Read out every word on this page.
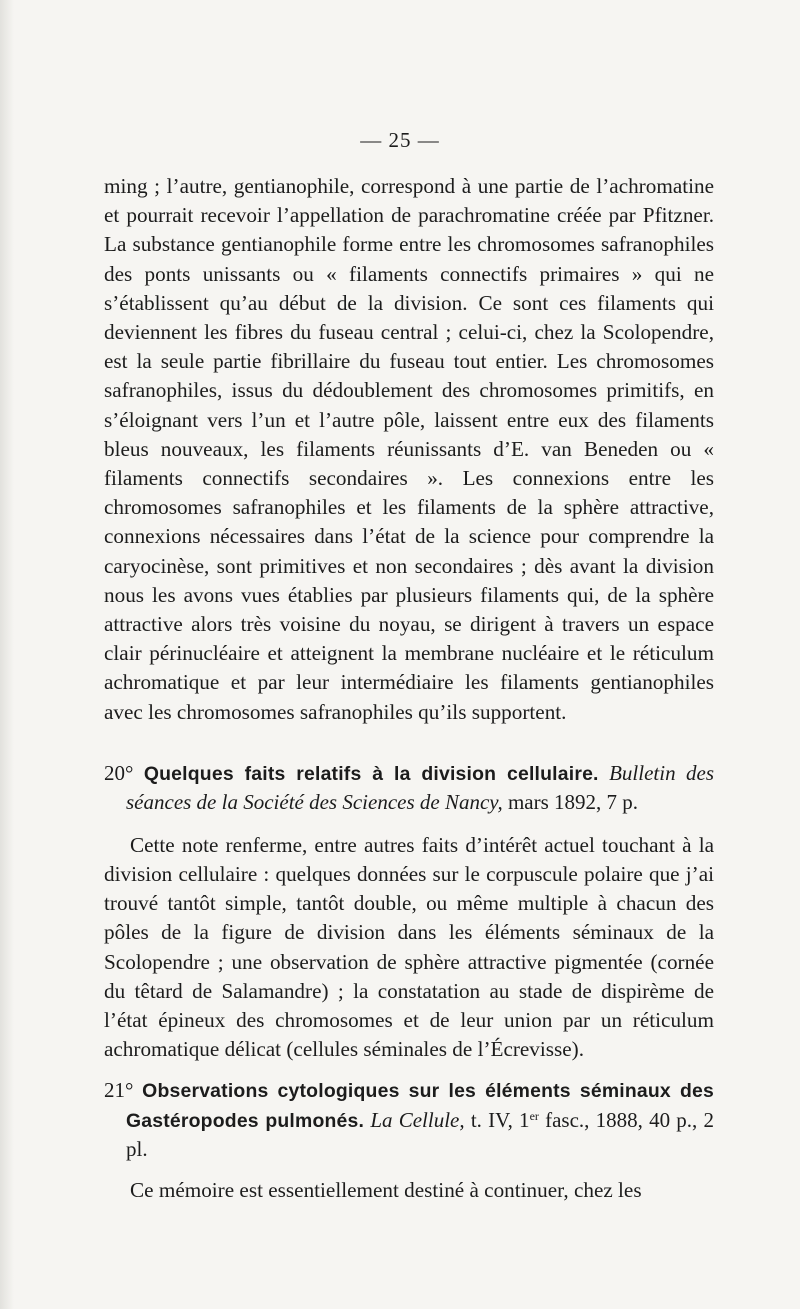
— 25 —

ming ; l’autre, gentianophile, correspond à une partie de l’achromatine et pourrait recevoir l’appellation de parachromatine créée par Pfitzner. La substance gentianophile forme entre les chromosomes safranophiles des ponts unissants ou « filaments connectifs primaires » qui ne s’établissent qu’au début de la division. Ce sont ces filaments qui deviennent les fibres du fuseau central ; celui-ci, chez la Scolopendre, est la seule partie fibrillaire du fuseau tout entier. Les chromosomes safranophiles, issus du dédoublement des chromosomes primitifs, en s’éloignant vers l’un et l’autre pôle, laissent entre eux des filaments bleus nouveaux, les filaments réunissants d’E. van Beneden ou « filaments connectifs secondaires ». Les connexions entre les chromosomes safranophiles et les filaments de la sphère attractive, connexions nécessaires dans l’état de la science pour comprendre la caryocinèse, sont primitives et non secondaires ; dès avant la division nous les avons vues établies par plusieurs filaments qui, de la sphère attractive alors très voisine du noyau, se dirigent à travers un espace clair périnucléaire et atteignent la membrane nucléaire et le réticulum achromatique et par leur intermédiaire les filaments gentianophiles avec les chromosomes safranophiles qu’ils supportent.

20° Quelques faits relatifs à la division cellulaire. Bulletin des séances de la Société des Sciences de Nancy, mars 1892, 7 p.

Cette note renferme, entre autres faits d’intérêt actuel touchant à la division cellulaire : quelques données sur le corpuscule polaire que j’ai trouvé tantôt simple, tantôt double, ou même multiple à chacun des pôles de la figure de division dans les éléments séminaux de la Scolopendre ; une observation de sphère attractive pigmentée (cornée du têtard de Salamandre) ; la constatation au stade de dispirème de l’état épineux des chromosomes et de leur union par un réticulum achromatique délicat (cellules séminales de l’Écrevisse).

21° Observations cytologiques sur les éléments séminaux des Gastéropodes pulmonés. La Cellule, t. IV, 1er fasc., 1888, 40 p., 2 pl.

Ce mémoire est essentiellement destiné à continuer, chez les
